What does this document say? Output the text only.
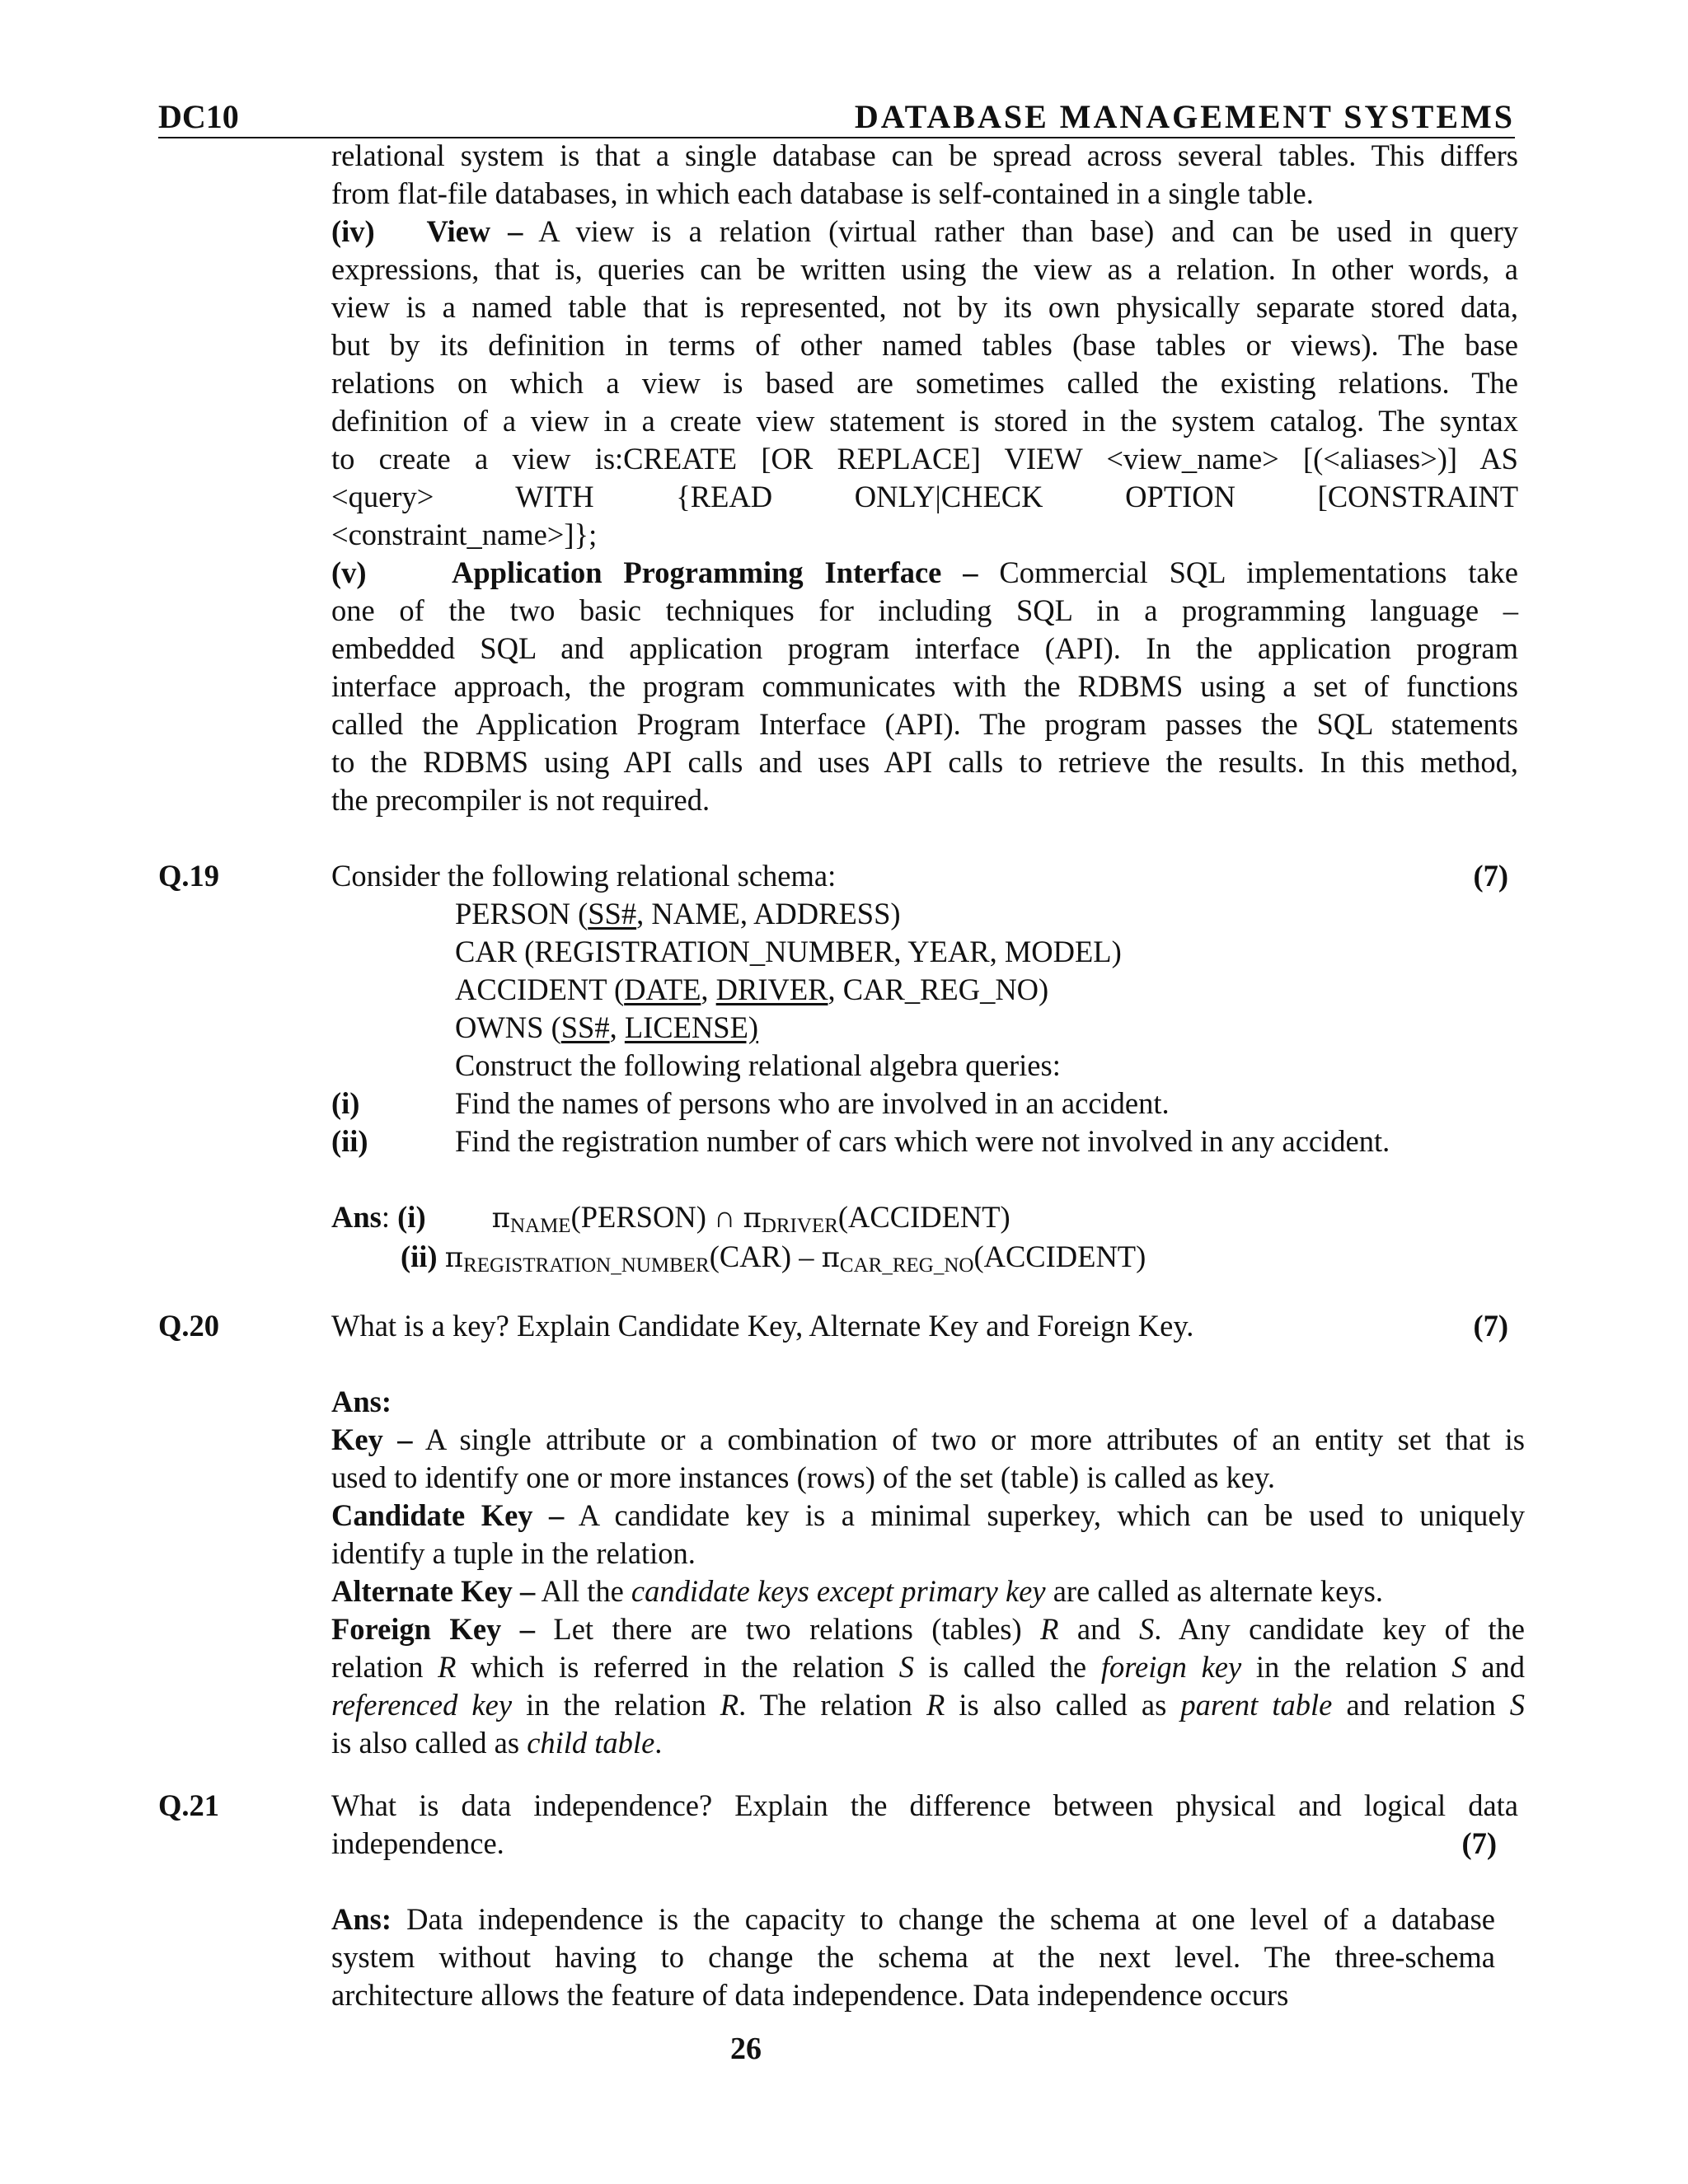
DC10	DATABASE MANAGEMENT SYSTEMS
relational system is that a single database can be spread across several tables. This differs
from flat-file databases, in which each database is self-contained in a single table.
(iv) View – A view is a relation (virtual rather than base) and can be used in query
expressions, that is, queries can be written using the view as a relation. In other words, a
view is a named table that is represented, not by its own physically separate stored data,
but by its definition in terms of other named tables (base tables or views). The base
relations on which a view is based are sometimes called the existing relations. The
definition of a view in a create view statement is stored in the system catalog. The syntax
to create a view is:CREATE [OR REPLACE] VIEW <view_name> [(<aliases>)] AS
<query> WITH {READ ONLY|CHECK OPTION [CONSTRAINT
<constraint_name>]};
(v)	Application Programming Interface – Commercial SQL implementations take
one of the two basic techniques for including SQL in a programming language –
embedded SQL and application program interface (API). In the application program
interface approach, the program communicates with the RDBMS using a set of functions
called the Application Program Interface (API). The program passes the SQL statements
to the RDBMS using API calls and uses API calls to retrieve the results. In this method,
the precompiler is not required.
Q.19	Consider the following relational schema:	(7)
PERSON (SS#, NAME, ADDRESS)
CAR (REGISTRATION_NUMBER, YEAR, MODEL)
ACCIDENT (DATE, DRIVER, CAR_REG_NO)
OWNS (SS#, LICENSE)
Construct the following relational algebra queries:
(i)	Find the names of persons who are involved in an accident.
(ii)	Find the registration number of cars which were not involved in any accident.
Ans: (i) πNAME(PERSON) ∩ πDRIVER(ACCIDENT)
(ii) πREGISTRATION_NUMBER(CAR) – πCAR_REG_NO(ACCIDENT)
Q.20	What is a key? Explain Candidate Key, Alternate Key and Foreign Key.	(7)
Ans:
Key – A single attribute or a combination of two or more attributes of an entity set that is
used to identify one or more instances (rows) of the set (table) is called as key.
Candidate Key – A candidate key is a minimal superkey, which can be used to uniquely
identify a tuple in the relation.
Alternate Key – All the candidate keys except primary key are called as alternate keys.
Foreign Key – Let there are two relations (tables) R and S. Any candidate key of the
relation R which is referred in the relation S is called the foreign key in the relation S and
referenced key in the relation R. The relation R is also called as parent table and relation S
is also called as child table.
Q.21	What is data independence? Explain the difference between physical and logical data
independence.	(7)
Ans: Data independence is the capacity to change the schema at one level of a database
system without having to change the schema at the next level. The three-schema
architecture allows the feature of data independence. Data independence occurs
26
